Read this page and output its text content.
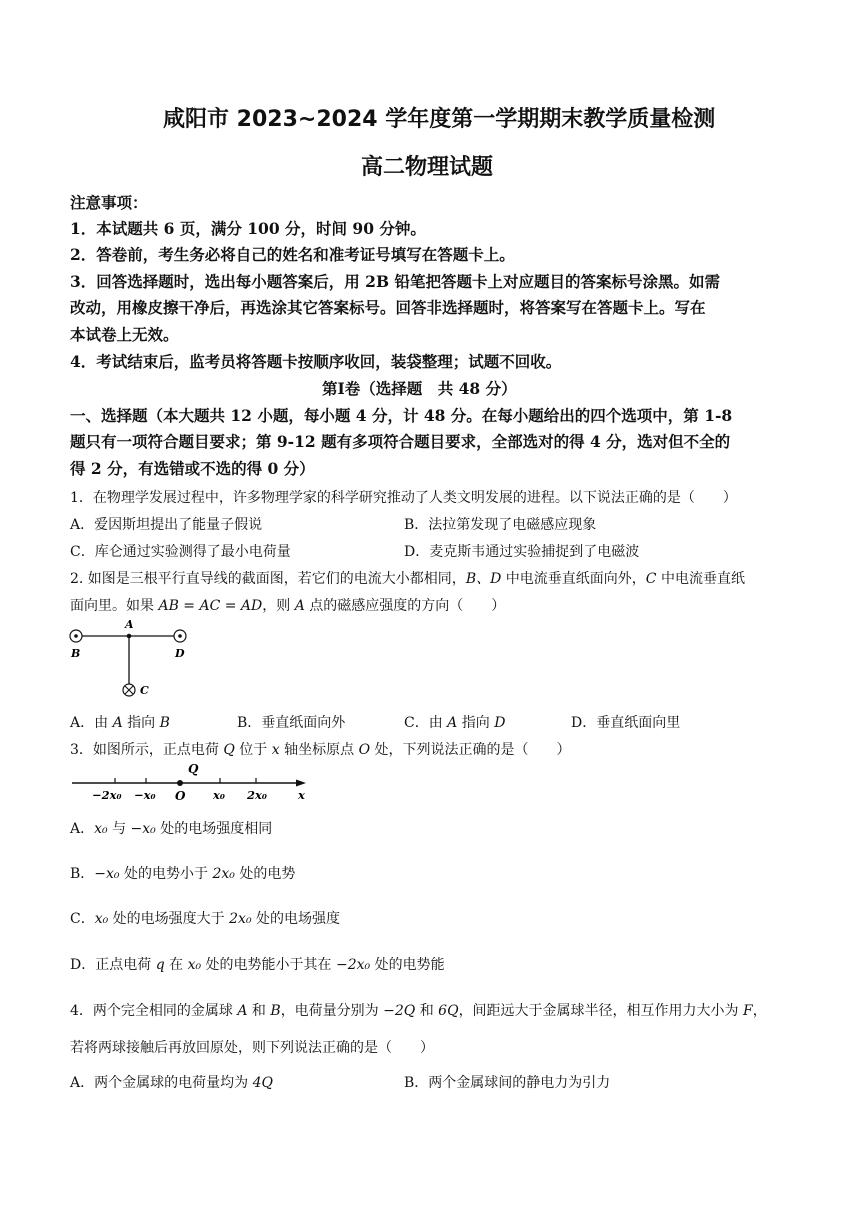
咸阳市 2023~2024 学年度第一学期期末教学质量检测
高二物理试题
注意事项：
1．本试题共 6 页，满分 100 分，时间 90 分钟。
2．答卷前，考生务必将自己的姓名和准考证号填写在答题卡上。
3．回答选择题时，选出每小题答案后，用 2B 铅笔把答题卡上对应题目的答案标号涂黑。如需
改动，用橡皮擦干净后，再选涂其它答案标号。回答非选择题时，将答案写在答题卡上。写在
本试卷上无效。
4．考试结束后，监考员将答题卡按顺序收回，装袋整理；试题不回收。
第Ⅰ卷（选择题　共 48 分）
一、选择题（本大题共 12 小题，每小题 4 分，计 48 分。在每小题给出的四个选项中，第 1-8
题只有一项符合题目要求；第 9-12 题有多项符合题目要求，全部选对的得 4 分，选对但不全的
得 2 分，有选错或不选的得 0 分）
1．在物理学发展过程中，许多物理学家的科学研究推动了人类文明发展的进程。以下说法正确的是（　　）
A．爱因斯坦提出了能量子假说	B．法拉第发现了电磁感应现象
C．库仑通过实验测得了最小电荷量	D．麦克斯韦通过实验捕捉到了电磁波
2. 如图是三根平行直导线的截面图，若它们的电流大小都相同，B、D 中电流垂直纸面向外，C 中电流垂直纸
面向里。如果 AB = AC = AD，则 A 点的磁感应强度的方向（　　）
A
B	D
C
A．由 A 指向 B	B．垂直纸面向外	C．由 A 指向 D	D．垂直纸面向里
3．如图所示，正点电荷 Q 位于 x 轴坐标原点 O 处，下列说法正确的是（　　）
Q
−2x₀ −x₀ O x₀ 2x₀	x
A．x₀ 与 −x₀ 处的电场强度相同
B．−x₀ 处的电势小于 2x₀ 处的电势
C．x₀ 处的电场强度大于 2x₀ 处的电场强度
D．正点电荷 q 在 x₀ 处的电势能小于其在 −2x₀ 处的电势能
4．两个完全相同的金属球 A 和 B，电荷量分别为 −2Q 和 6Q，间距远大于金属球半径，相互作用力大小为 F，
若将两球接触后再放回原处，则下列说法正确的是（　　）
A．两个金属球的电荷量均为 4Q	B．两个金属球间的静电力为引力
